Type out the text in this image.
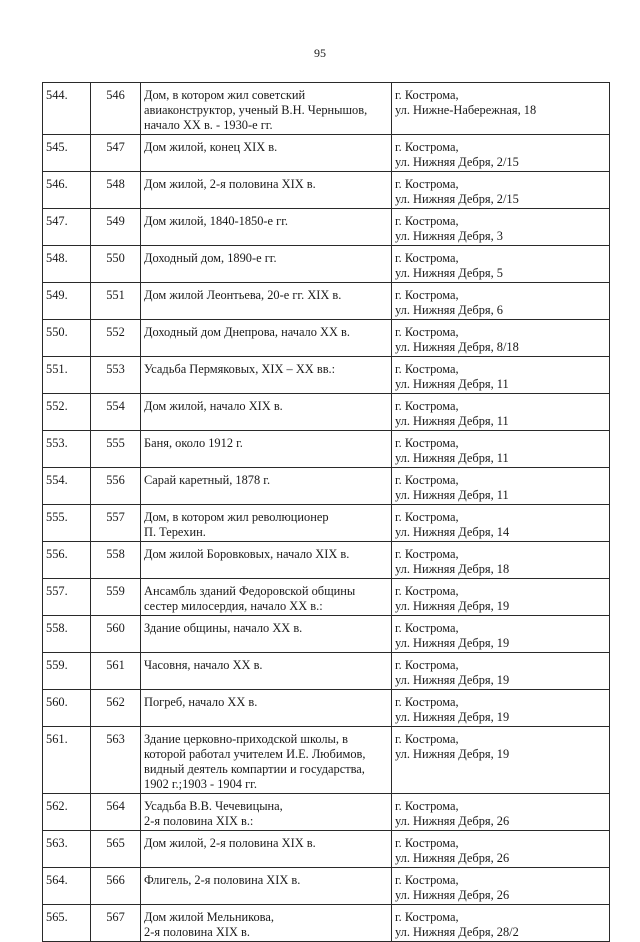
95
544.	546	Дом, в котором жил советский
авиаконструктор, ученый В.Н. Чернышов,
начало XX в. - 1930-е гг.	г. Кострома,
ул. Нижне-Набережная, 18

545.	547	Дом жилой, конец XIX в.	г. Кострома,
ул. Нижняя Дебря, 2/15

546.	548	Дом жилой, 2-я половина XIX в.	г. Кострома,
ул. Нижняя Дебря, 2/15

547.	549	Дом жилой, 1840-1850-е гг.	г. Кострома,
ул. Нижняя Дебря, 3

548.	550	Доходный дом, 1890-е гг.	г. Кострома,
ул. Нижняя Дебря, 5

549.	551	Дом жилой Леонтьева, 20-е гг. XIX в.	г. Кострома,
ул. Нижняя Дебря, 6

550.	552	Доходный дом Днепрова, начало XX в.	г. Кострома,
ул. Нижняя Дебря, 8/18

551.	553	Усадьба Пермяковых, XIX – XX вв.:	г. Кострома,
ул. Нижняя Дебря, 11

552.	554	Дом жилой, начало XIX в.	г. Кострома,
ул. Нижняя Дебря, 11

553.	555	Баня, около 1912 г.	г. Кострома,
ул. Нижняя Дебря, 11

554.	556	Сарай каретный, 1878 г.	г. Кострома,
ул. Нижняя Дебря, 11

555.	557	Дом, в котором жил революционер
П. Терехин.	г. Кострома,
ул. Нижняя Дебря, 14

556.	558	Дом жилой Боровковых, начало XIX в.	г. Кострома,
ул. Нижняя Дебря, 18

557.	559	Ансамбль зданий Федоровской общины
сестер милосердия, начало XX в.:	г. Кострома,
ул. Нижняя Дебря, 19

558.	560	Здание общины, начало XX в.	г. Кострома,
ул. Нижняя Дебря, 19

559.	561	Часовня, начало XX в.	г. Кострома,
ул. Нижняя Дебря, 19

560.	562	Погреб, начало XX в.	г. Кострома,
ул. Нижняя Дебря, 19

561.	563	Здание церковно-приходской школы, в
которой работал учителем И.Е. Любимов,
видный деятель компартии и государства,
1902 г.;1903 - 1904 гг.	г. Кострома,
ул. Нижняя Дебря, 19

562.	564	Усадьба В.В. Чечевицына,
2-я половина XIX в.:	г. Кострома,
ул. Нижняя Дебря, 26

563.	565	Дом жилой, 2-я половина XIX в.	г. Кострома,
ул. Нижняя Дебря, 26

564.	566	Флигель, 2-я половина XIX в.	г. Кострома,
ул. Нижняя Дебря, 26

565.	567	Дом жилой Мельникова,
2-я половина XIX в.	г. Кострома,
ул. Нижняя Дебря, 28/2
